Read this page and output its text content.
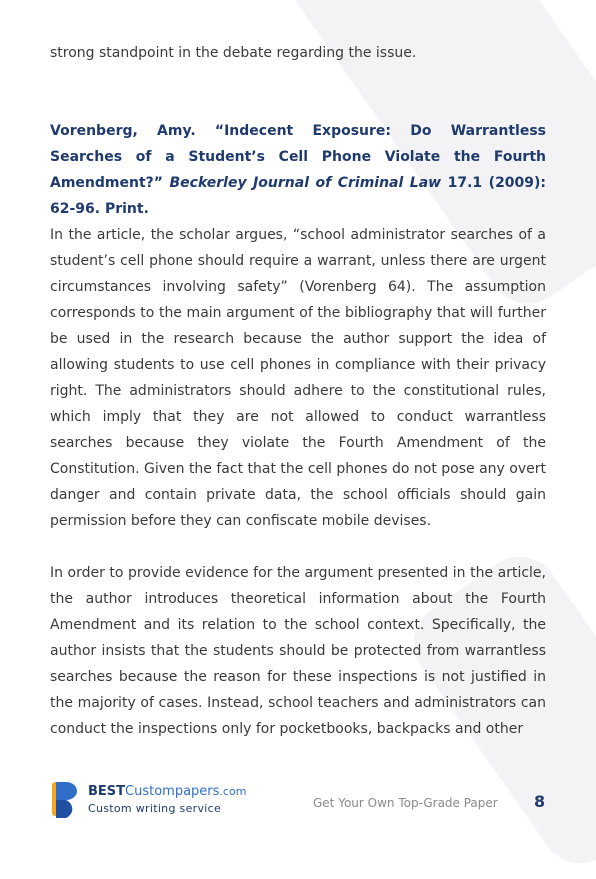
strong standpoint in the debate regarding the issue.

Vorenberg, Amy. “Indecent Exposure: Do Warrantless Searches of a Student’s Cell Phone Violate the Fourth Amendment?” Beckerley Journal of Criminal Law 17.1 (2009): 62-96. Print.

In the article, the scholar argues, “school administrator searches of a student’s cell phone should require a warrant, unless there are urgent circumstances involving safety” (Vorenberg 64). The assumption corresponds to the main argument of the bibliography that will further be used in the research because the author support the idea of allowing students to use cell phones in compliance with their privacy right. The administrators should adhere to the constitutional rules, which imply that they are not allowed to conduct warrantless searches because they violate the Fourth Amendment of the Constitution. Given the fact that the cell phones do not pose any overt danger and contain private data, the school officials should gain permission before they can confiscate mobile devises.

In order to provide evidence for the argument presented in the article, the author introduces theoretical information about the Fourth Amendment and its relation to the school context. Specifically, the author insists that the students should be protected from warrantless searches because the reason for these inspections is not justified in the majority of cases. Instead, school teachers and administrators can conduct the inspections only for pocketbooks, backpacks and other

BESTCustompapers.com
Custom writing service	Get Your Own Top-Grade Paper 8
